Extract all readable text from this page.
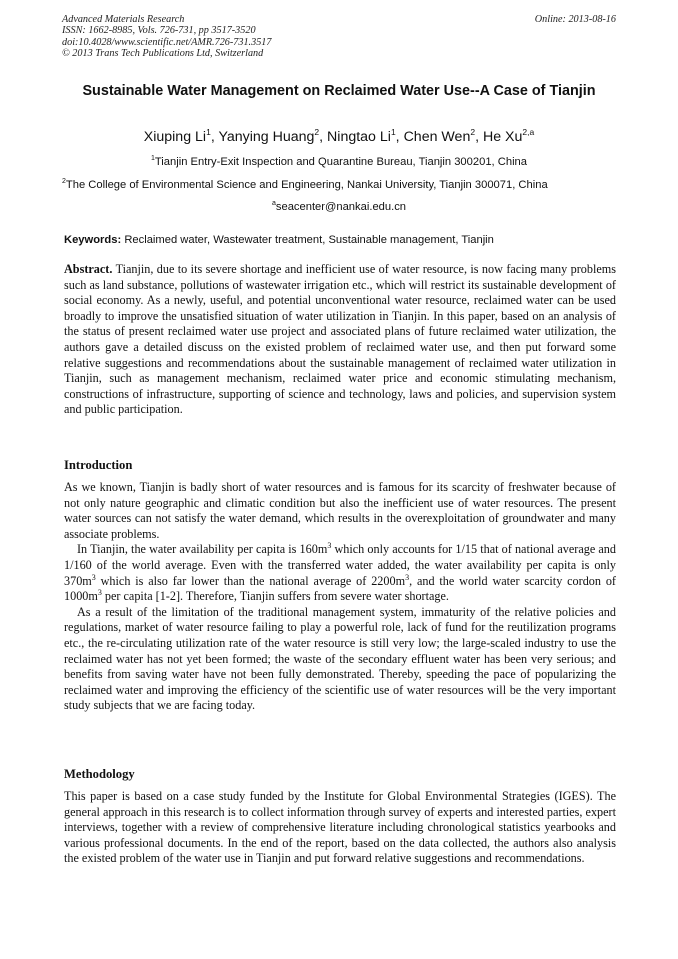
Advanced Materials Research
ISSN: 1662-8985, Vols. 726-731, pp 3517-3520
doi:10.4028/www.scientific.net/AMR.726-731.3517
© 2013 Trans Tech Publications Ltd, Switzerland
Online: 2013-08-16
Sustainable Water Management on Reclaimed Water Use--A Case of Tianjin
Xiuping Li$^1$, Yanying Huang$^2$, Ningtao Li$^1$, Chen Wen$^2$, He Xu$^{2,a}$
$^1$Tianjin Entry-Exit Inspection and Quarantine Bureau, Tianjin 300201, China
$^2$The College of Environmental Science and Engineering, Nankai University, Tianjin 300071, China
$^a$seacenter@nankai.edu.cn
Keywords: Reclaimed water, Wastewater treatment, Sustainable management, Tianjin

Abstract. Tianjin, due to its severe shortage and inefficient use of water resource, is now facing many problems such as land substance, pollutions of wastewater irrigation etc., which will restrict its sustainable development of social economy. As a newly, useful, and potential unconventional water resource, reclaimed water can be used broadly to improve the unsatisfied situation of water utilization in Tianjin. In this paper, based on an analysis of the status of present reclaimed water use project and associated plans of future reclaimed water utilization, the authors gave a detailed discuss on the existed problem of reclaimed water use, and then put forward some relative suggestions and recommendations about the sustainable management of reclaimed water utilization in Tianjin, such as management mechanism, reclaimed water price and economic stimulating mechanism, constructions of infrastructure, supporting of science and technology, laws and policies, and supervision system and public participation.

Introduction

As we known, Tianjin is badly short of water resources and is famous for its scarcity of freshwater because of not only nature geographic and climatic condition but also the inefficient use of water resources. The present water sources can not satisfy the water demand, which results in the overexploitation of groundwater and many associate problems.

In Tianjin, the water availability per capita is $160m^3$ which only accounts for 1/15 that of national average and 1/160 of the world average. Even with the transferred water added, the water availability per capita is only $370m^3$ which is also far lower than the national average of $2200m^3$, and the world water scarcity cordon of $1000m^3$ per capita [1-2]. Therefore, Tianjin suffers from severe water shortage.

As a result of the limitation of the traditional management system, immaturity of the relative policies and regulations, market of water resource failing to play a powerful role, lack of fund for the reutilization programs etc., the re-circulating utilization rate of the water resource is still very low; the large-scaled industry to use the reclaimed water has not yet been formed; the waste of the secondary effluent water has been very serious; and benefits from saving water have not been fully demonstrated. Thereby, speeding the pace of popularizing the reclaimed water and improving the efficiency of the scientific use of water resources will be the very important study subjects that we are facing today.

Methodology

This paper is based on a case study funded by the Institute for Global Environmental Strategies (IGES). The general approach in this research is to collect information through survey of experts and interested parties, expert interviews, together with a review of comprehensive literature including chronological statistics yearbooks and various professional documents. In the end of the report, based on the data collected, the authors also analysis the existed problem of the water use in Tianjin and put forward relative suggestions and recommendations.
